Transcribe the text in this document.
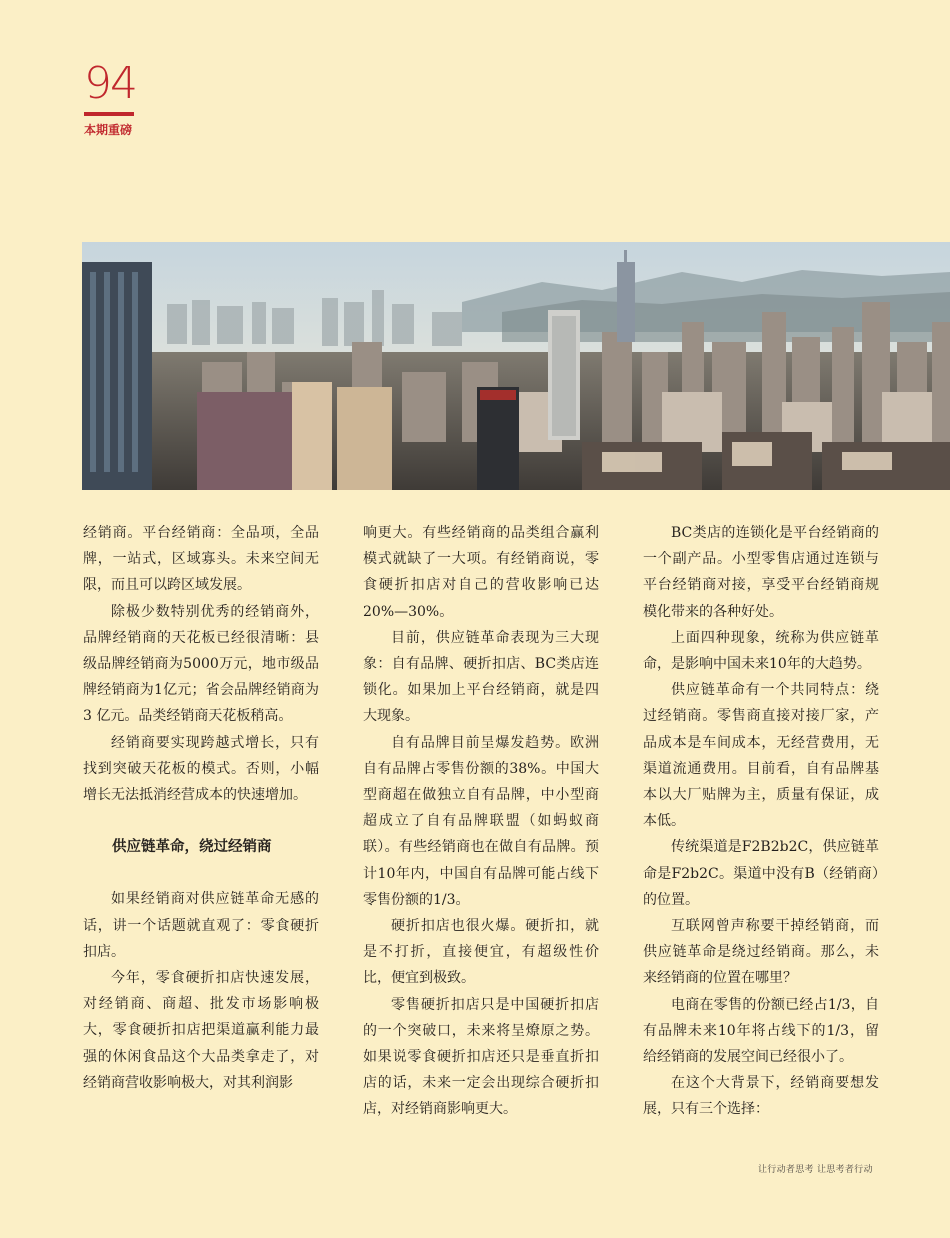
94
本期重磅

经销商。平台经销商：全品项，全品牌，一站式，区域寡头。未来空间无限，而且可以跨区域发展。

除极少数特别优秀的经销商外，品牌经销商的天花板已经很清晰：县级品牌经销商为5000万元，地市级品牌经销商为1亿元；省会品牌经销商为 3 亿元。品类经销商天花板稍高。

经销商要实现跨越式增长，只有找到突破天花板的模式。否则，小幅增长无法抵消经营成本的快速增加。

供应链革命，绕过经销商

如果经销商对供应链革命无感的话，讲一个话题就直观了：零食硬折扣店。

今年，零食硬折扣店快速发展，对经销商、商超、批发市场影响极大，零食硬折扣店把渠道赢利能力最强的休闲食品这个大品类拿走了，对经销商营收影响极大，对其利润影

响更大。有些经销商的品类组合赢利模式就缺了一大项。有经销商说，零食硬折扣店对自己的营收影响已达20%—30%。

目前，供应链革命表现为三大现象：自有品牌、硬折扣店、BC类店连锁化。如果加上平台经销商，就是四大现象。

自有品牌目前呈爆发趋势。欧洲自有品牌占零售份额的38%。中国大型商超在做独立自有品牌，中小型商超成立了自有品牌联盟（如蚂蚁商联）。有些经销商也在做自有品牌。预计10年内，中国自有品牌可能占线下零售份额的1/3。

硬折扣店也很火爆。硬折扣，就是不打折，直接便宜，有超级性价比，便宜到极致。

零售硬折扣店只是中国硬折扣店的一个突破口，未来将呈燎原之势。如果说零食硬折扣店还只是垂直折扣店的话，未来一定会出现综合硬折扣店，对经销商影响更大。

BC类店的连锁化是平台经销商的一个副产品。小型零售店通过连锁与平台经销商对接，享受平台经销商规模化带来的各种好处。

上面四种现象，统称为供应链革命，是影响中国未来10年的大趋势。

供应链革命有一个共同特点：绕过经销商。零售商直接对接厂家，产品成本是车间成本，无经营费用，无渠道流通费用。目前看，自有品牌基本以大厂贴牌为主，质量有保证，成本低。

传统渠道是F2B2b2C，供应链革命是F2b2C。渠道中没有B（经销商）的位置。

互联网曾声称要干掉经销商，而供应链革命是绕过经销商。那么，未来经销商的位置在哪里？

电商在零售的份额已经占1/3，自有品牌未来10年将占线下的1/3，留给经销商的发展空间已经很小了。

在这个大背景下，经销商要想发展，只有三个选择：

让行动者思考 让思考者行动
